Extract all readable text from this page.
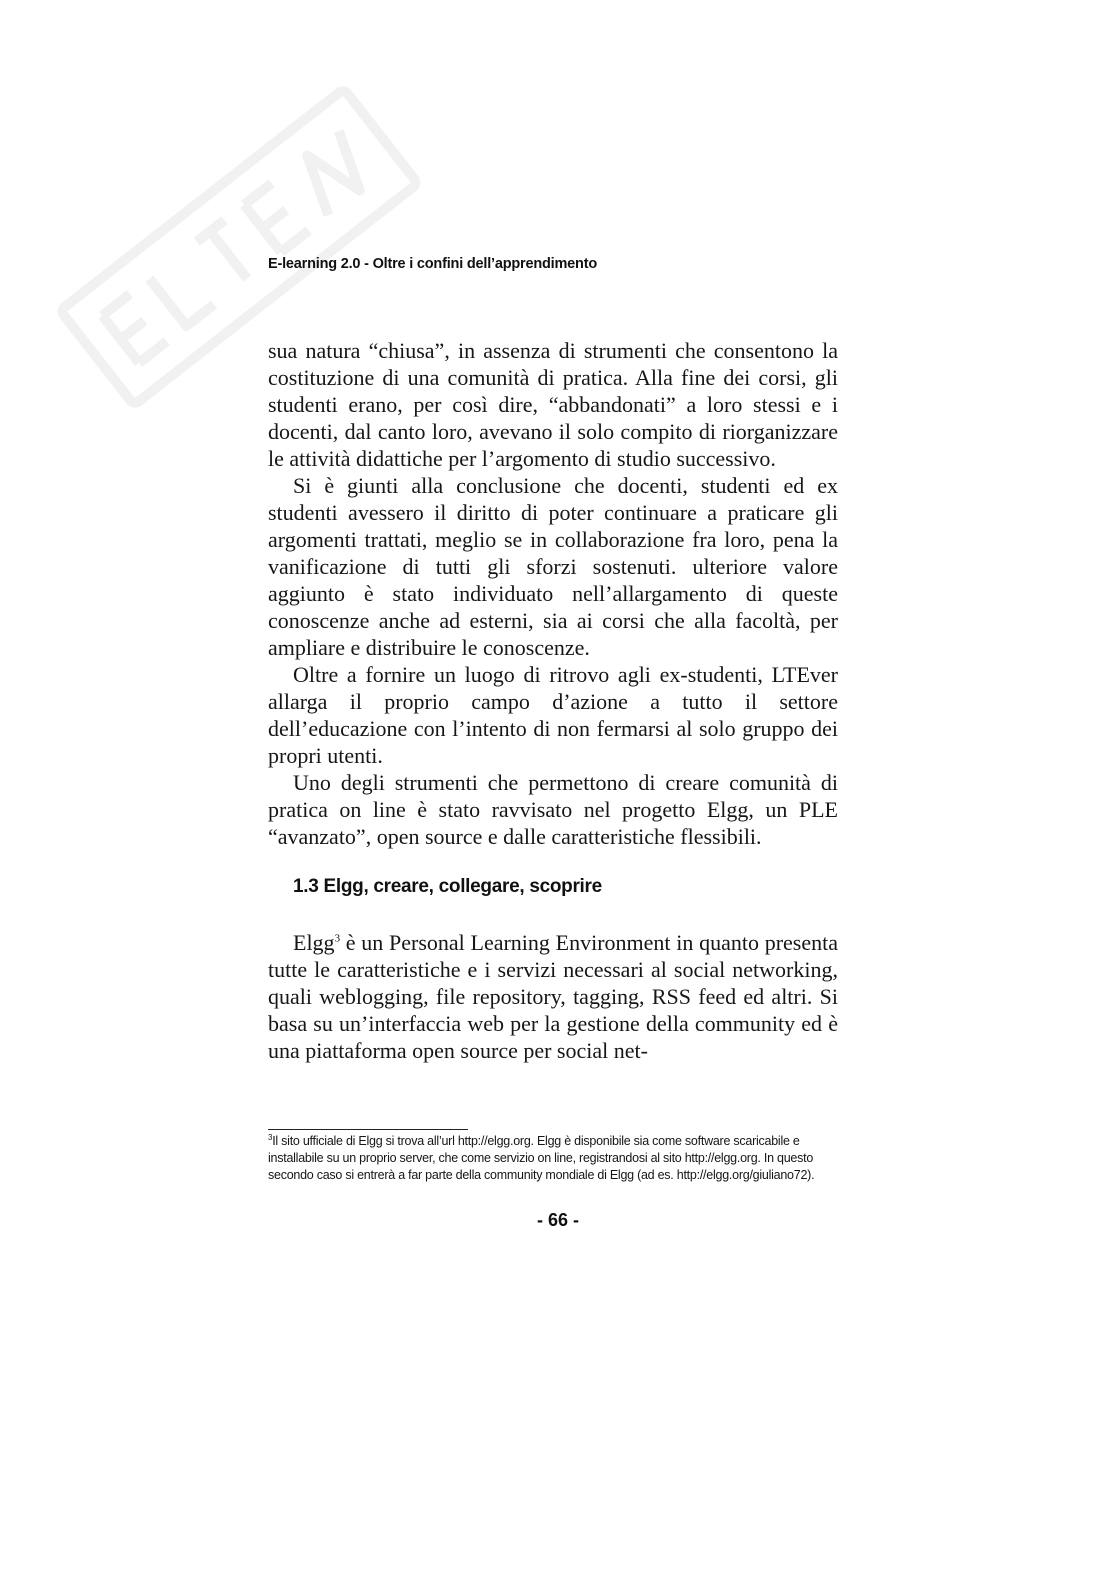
E-learning 2.0 - Oltre i confini dell’apprendimento

sua natura “chiusa”, in assenza di strumenti che consentono la costituzione di una comunità di pratica. Alla fine dei corsi, gli studenti erano, per così dire, “abbandonati” a loro stessi e i docenti, dal canto loro, avevano il solo compito di riorganizzare le attività didattiche per l’argomento di studio successivo.

Si è giunti alla conclusione che docenti, studenti ed ex studenti avessero il diritto di poter continuare a praticare gli argomenti trattati, meglio se in collaborazione fra loro, pena la vanificazione di tutti gli sforzi sostenuti. ulteriore valore aggiunto è stato individuato nell’allargamento di queste conoscenze anche ad esterni, sia ai corsi che alla facoltà, per ampliare e distribuire le conoscenze.

Oltre a fornire un luogo di ritrovo agli ex-studenti, LTEver allarga il proprio campo d’azione a tutto il settore dell’educazione con l’intento di non fermarsi al solo gruppo dei propri utenti.

Uno degli strumenti che permettono di creare comunità di pratica on line è stato ravvisato nel progetto Elgg, un PLE “avanzato”, open source e dalle caratteristiche flessibili.

1.3 Elgg, creare, collegare, scoprire

Elgg$^3$ è un Personal Learning Environment in quanto presenta tutte le caratteristiche e i servizi necessari al social networking, quali weblogging, file repository, tagging, RSS feed ed altri. Si basa su un’interfaccia web per la gestione della community ed è una piattaforma open source per social net-

$^3$Il sito ufficiale di Elgg si trova all’url http://elgg.org. Elgg è disponibile sia come software scaricabile e installabile su un proprio server, che come servizio on line, registrandosi al sito http://elgg.org. In questo secondo caso si entrerà a far parte della community mondiale di Elgg (ad es. http://elgg.org/giuliano72).
- 66 -
